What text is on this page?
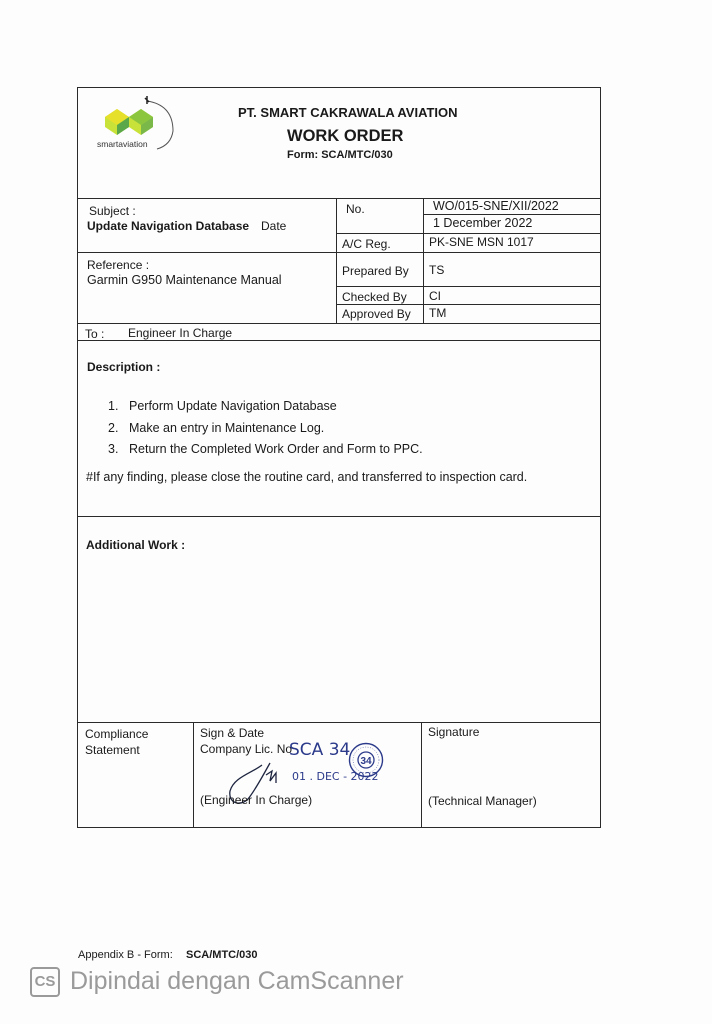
smartaviation
PT. SMART CAKRAWALA AVIATION
WORK ORDER
Form: SCA/MTC/030
Subject :
Update Navigation Database Date
No.	WO/015-SNE/XII/2022
1 December 2022
A/C Reg.	PK-SNE MSN 1017
Reference :
Garmin G950 Maintenance Manual
Prepared By TS
Checked By CI
Approved By TM
To : Engineer In Charge
Description :
1. Perform Update Navigation Database
2. Make an entry in Maintenance Log.
3. Return the Completed Work Order and Form to PPC.
#If any finding, please close the routine card, and transferred to inspection card.
Additional Work :
Compliance
Statement
Sign & Date
Company Lic. No
SCA 34
34
01 . DEC - 2022
(Engineer In Charge)
Signature
(Technical Manager)
Appendix B - Form: SCA/MTC/030
CS Dipindai dengan CamScanner
